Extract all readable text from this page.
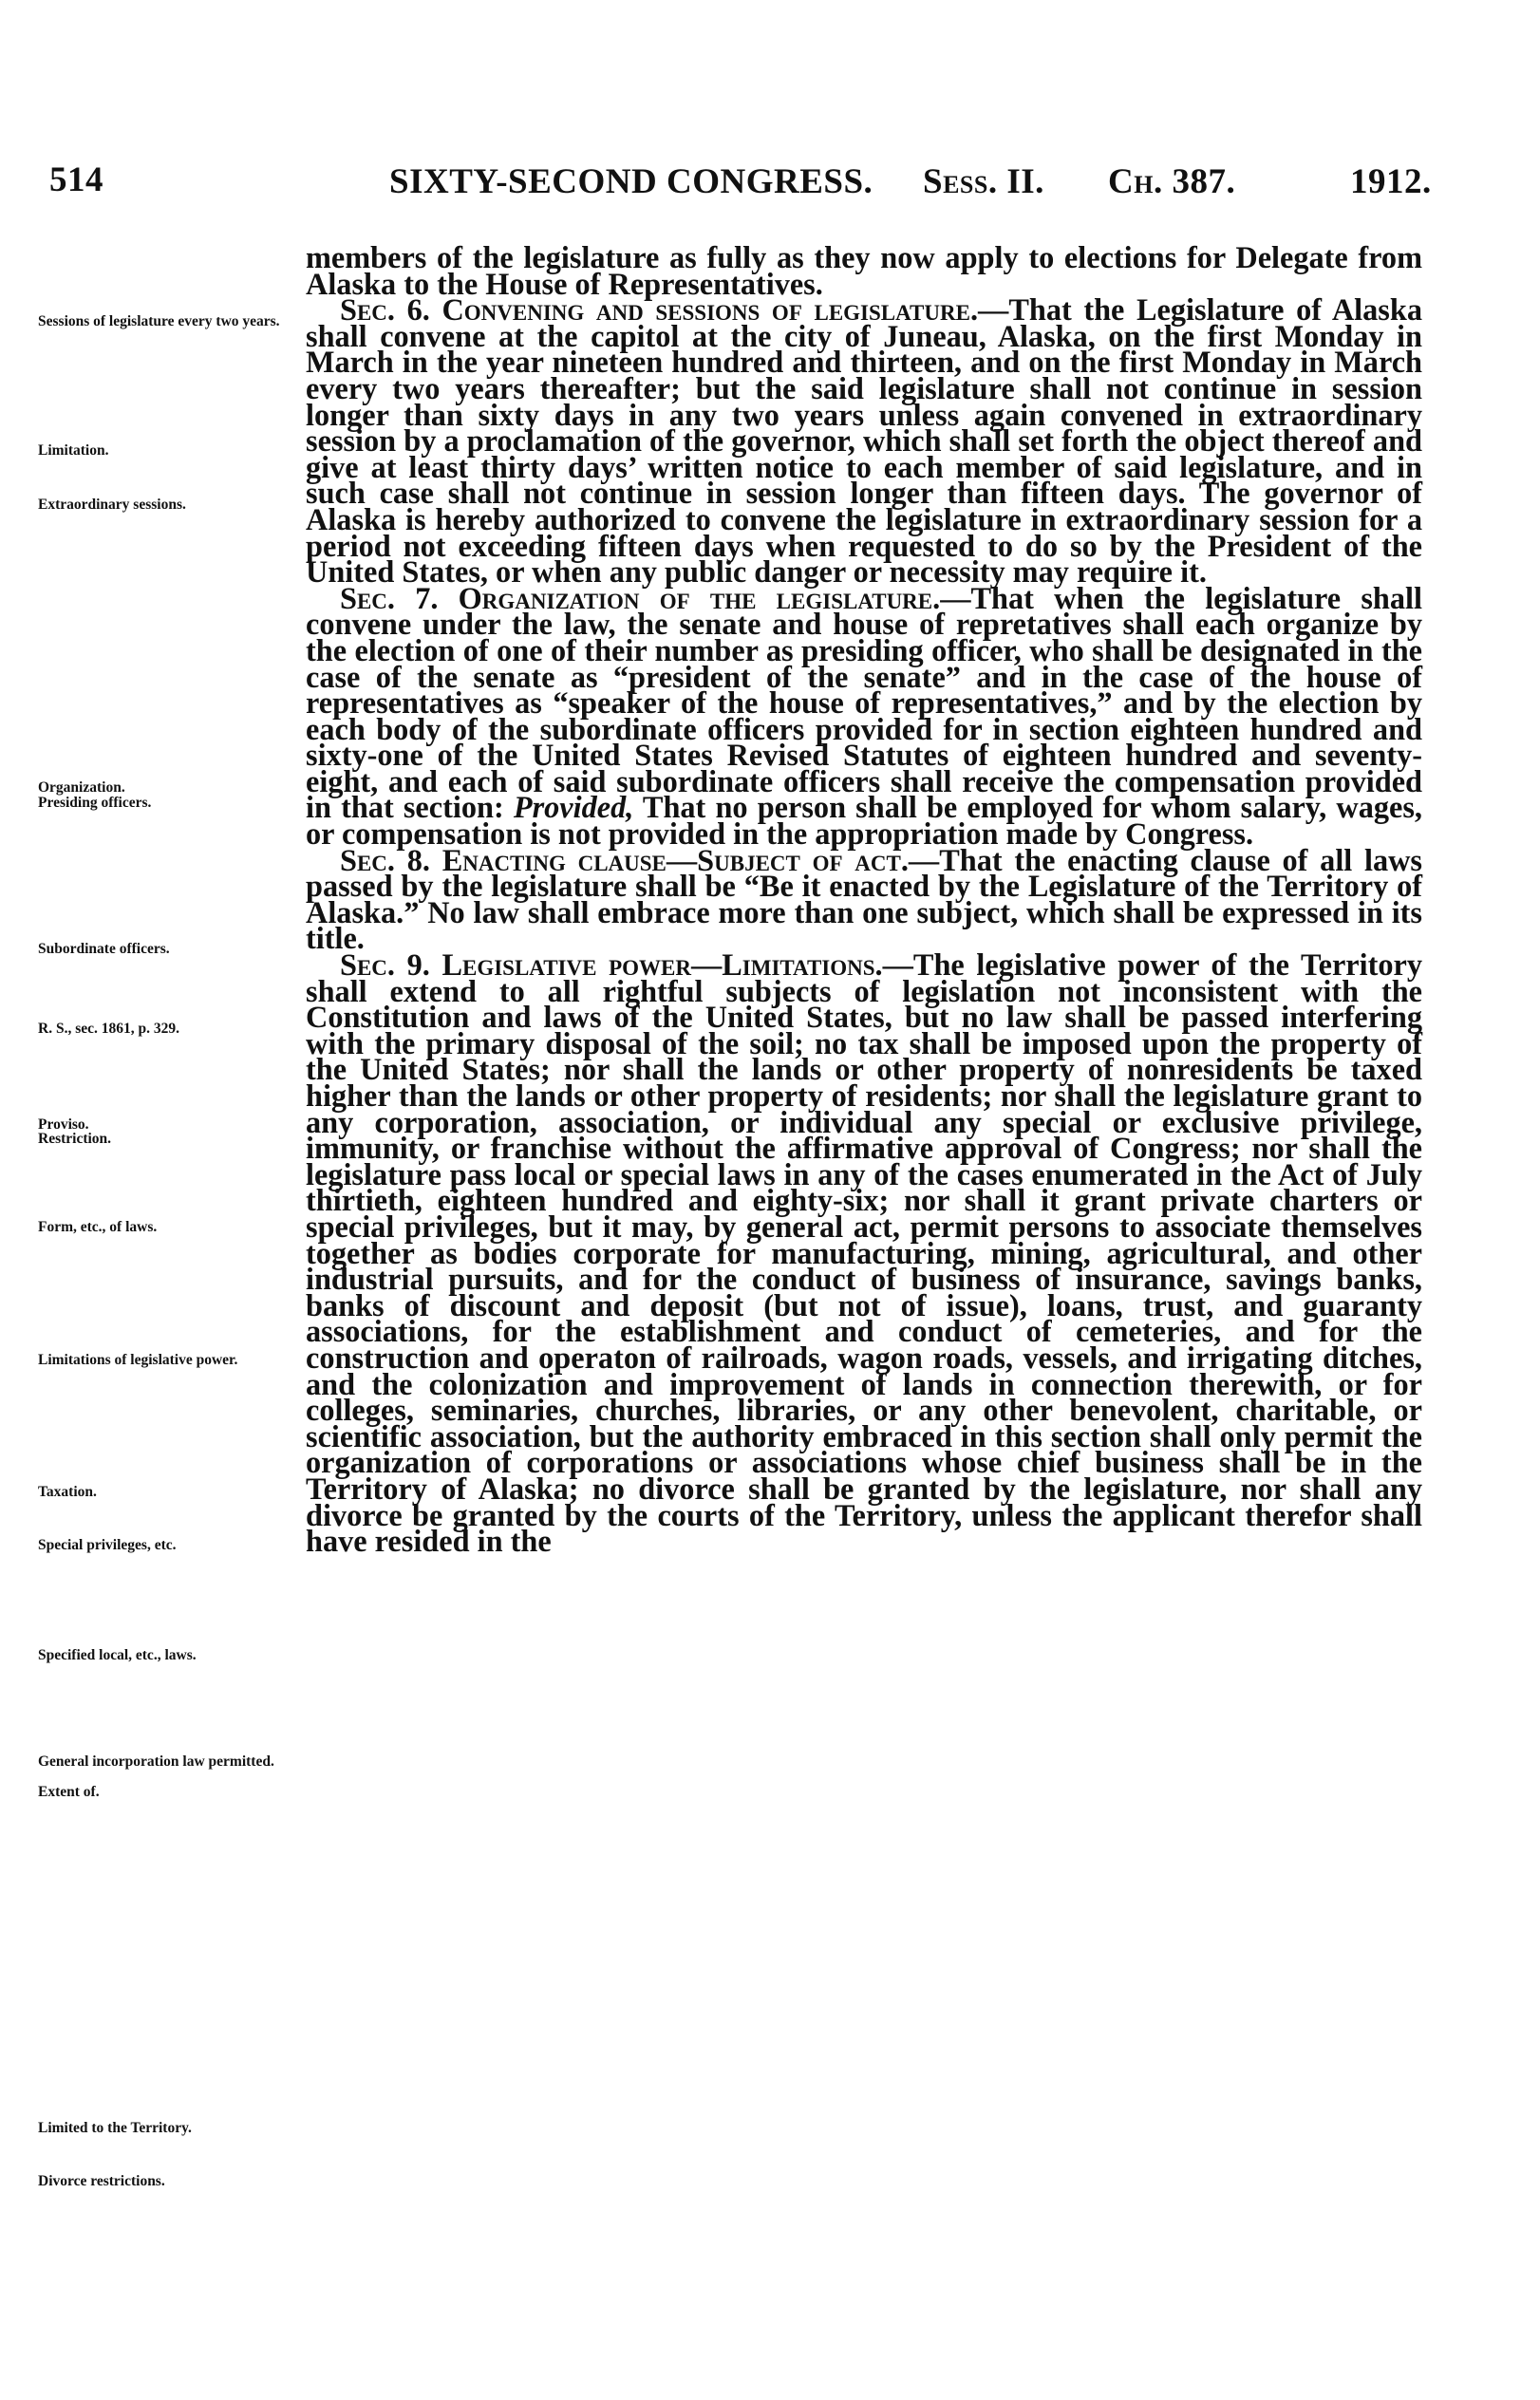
514	SIXTY-SECOND CONGRESS. Sess. II. Ch. 387.	1912.
Sessions of legislature every two years.
Limitation.
Extraordinary sessions.
Organization.
Presiding officers.
Subordinate officers.
R. S., sec. 1861, p. 329.
Proviso.
Restriction.
Form, etc., of laws.
Limitations of legislative power.
Taxation.
Special privileges, etc.
Specified local, etc., laws.
General incorporation law permitted.
Extent of.
Limited to the Territory.
Divorce restrictions.

members of the legislature as fully as they now apply to elections for Delegate from Alaska to the House of Representatives.

Sec. 6. Convening and sessions of legislature.—That the Legislature of Alaska shall convene at the capitol at the city of Juneau, Alaska, on the first Monday in March in the year nineteen hundred and thirteen, and on the first Monday in March every two years thereafter; but the said legislature shall not continue in session longer than sixty days in any two years unless again convened in extraordinary session by a proclamation of the governor, which shall set forth the object thereof and give at least thirty days’ written notice to each member of said legislature, and in such case shall not continue in session longer than fifteen days. The governor of Alaska is hereby authorized to convene the legislature in extraordinary session for a period not exceeding fifteen days when requested to do so by the President of the United States, or when any public danger or necessity may require it.

Sec. 7. Organization of the legislature.—That when the legislature shall convene under the law, the senate and house of repretatives shall each organize by the election of one of their number as presiding officer, who shall be designated in the case of the senate as “president of the senate” and in the case of the house of representatives as “speaker of the house of representatives,” and by the election by each body of the subordinate officers provided for in section eighteen hundred and sixty-one of the United States Revised Statutes of eighteen hundred and seventy-eight, and each of said subordinate officers shall receive the compensation provided in that section: Provided, That no person shall be employed for whom salary, wages, or compensation is not provided in the appropriation made by Congress.

Sec. 8. Enacting clause—Subject of act.—That the enacting clause of all laws passed by the legislature shall be “Be it enacted by the Legislature of the Territory of Alaska.” No law shall embrace more than one subject, which shall be expressed in its title.

Sec. 9. Legislative power—Limitations.—The legislative power of the Territory shall extend to all rightful subjects of legislation not inconsistent with the Constitution and laws of the United States, but no law shall be passed interfering with the primary disposal of the soil; no tax shall be imposed upon the property of the United States; nor shall the lands or other property of nonresidents be taxed higher than the lands or other property of residents; nor shall the legislature grant to any corporation, association, or individual any special or exclusive privilege, immunity, or franchise without the affirmative approval of Congress; nor shall the legislature pass local or special laws in any of the cases enumerated in the Act of July thirtieth, eighteen hundred and eighty-six; nor shall it grant private charters or special privileges, but it may, by general act, permit persons to associate themselves together as bodies corporate for manufacturing, mining, agricultural, and other industrial pursuits, and for the conduct of business of insurance, savings banks, banks of discount and deposit (but not of issue), loans, trust, and guaranty associations, for the establishment and conduct of cemeteries, and for the construction and operaton of railroads, wagon roads, vessels, and irrigating ditches, and the colonization and improvement of lands in connection therewith, or for colleges, seminaries, churches, libraries, or any other benevolent, charitable, or scientific association, but the authority embraced in this section shall only permit the organization of corporations or associations whose chief business shall be in the Territory of Alaska; no divorce shall be granted by the legislature, nor shall any divorce be granted by the courts of the Territory, unless the applicant therefor shall have resided in the
